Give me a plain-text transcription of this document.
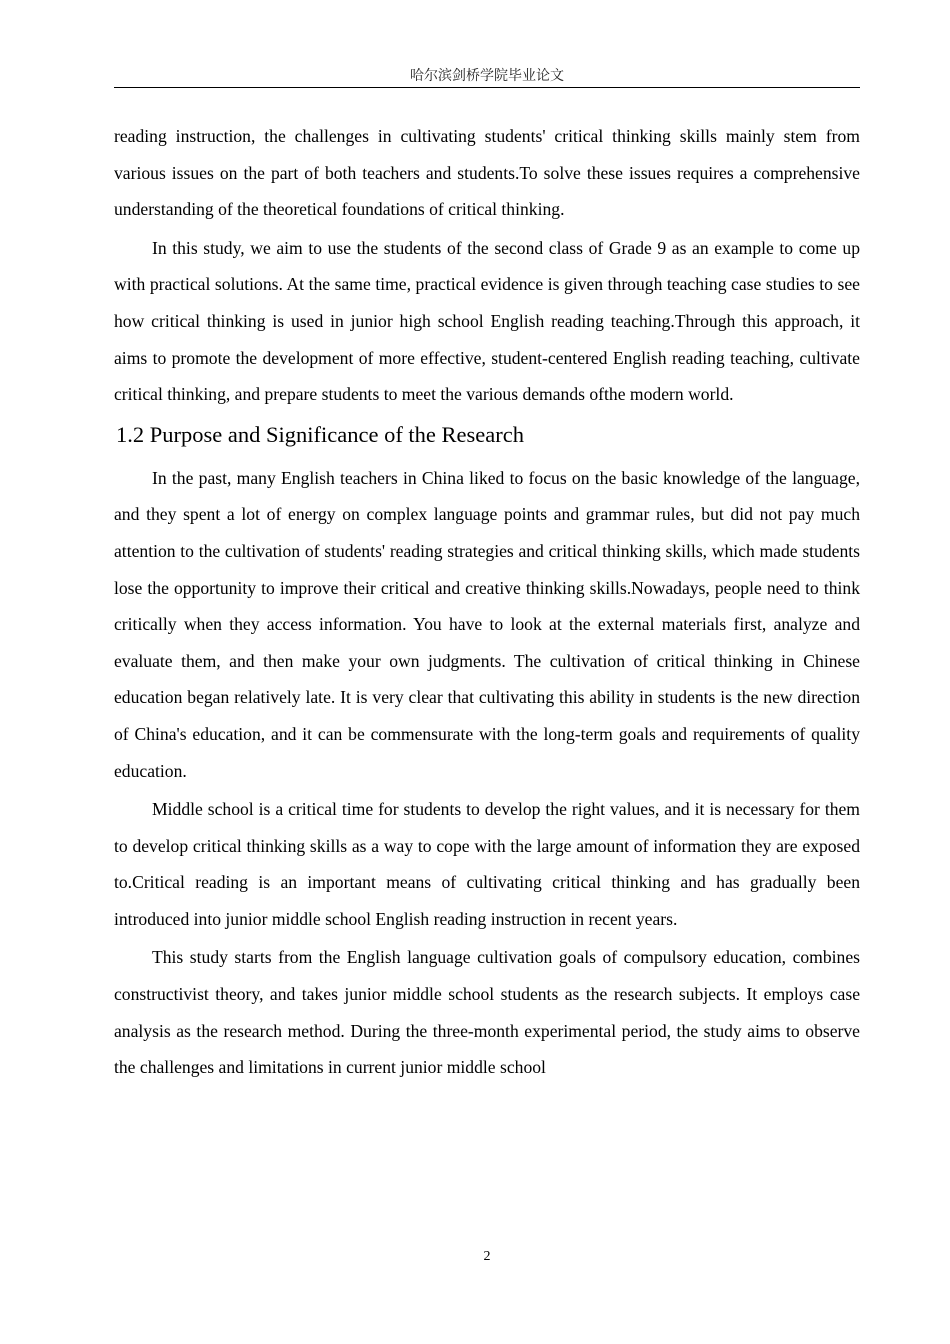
哈尔滨剑桥学院毕业论文

reading instruction, the challenges in cultivating students' critical thinking skills mainly stem from various issues on the part of both teachers and students.To solve these issues requires a comprehensive understanding of the theoretical foundations of critical thinking.

In this study, we aim to use the students of the second class of Grade 9 as an example to come up with practical solutions. At the same time, practical evidence is given through teaching case studies to see how critical thinking is used in junior high school English reading teaching.Through this approach, it aims to promote the development of more effective, student-centered English reading teaching, cultivate critical thinking, and prepare students to meet the various demands ofthe modern world.

1.2 Purpose and Significance of the Research

In the past, many English teachers in China liked to focus on the basic knowledge of the language, and they spent a lot of energy on complex language points and grammar rules, but did not pay much attention to the cultivation of students' reading strategies and critical thinking skills, which made students lose the opportunity to improve their critical and creative thinking skills.Nowadays, people need to think critically when they access information. You have to look at the external materials first, analyze and evaluate them, and then make your own judgments. The cultivation of critical thinking in Chinese education began relatively late. It is very clear that cultivating this ability in students is the new direction of China's education, and it can be commensurate with the long-term goals and requirements of quality education.

Middle school is a critical time for students to develop the right values, and it is necessary for them to develop critical thinking skills as a way to cope with the large amount of information they are exposed to.Critical reading is an important means of cultivating critical thinking and has gradually been introduced into junior middle school English reading instruction in recent years.

This study starts from the English language cultivation goals of compulsory education, combines constructivist theory, and takes junior middle school students as the research subjects. It employs case analysis as the research method. During the three-month experimental period, the study aims to observe the challenges and limitations in current junior middle school

2
